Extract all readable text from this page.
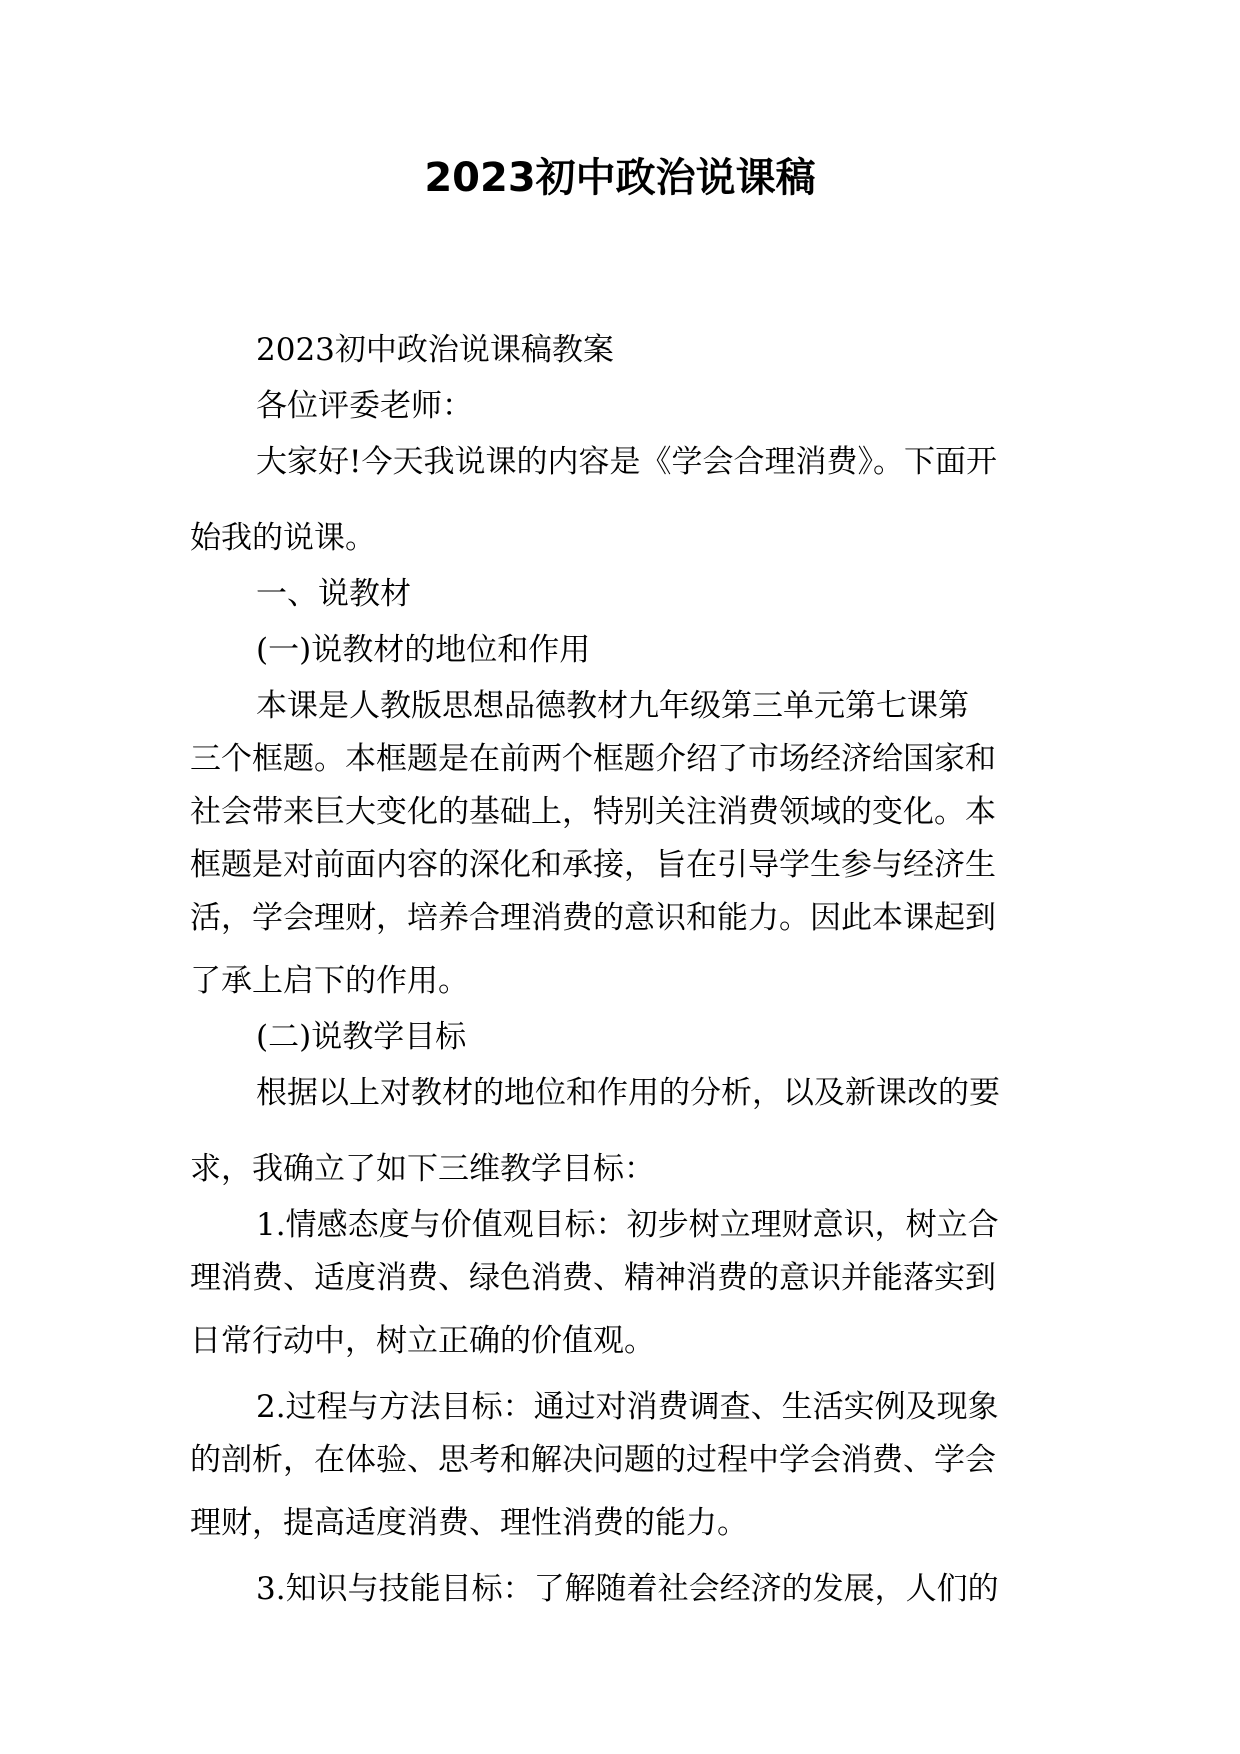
2023初中政治说课稿

2023初中政治说课稿教案

各位评委老师：

大家好!今天我说课的内容是《学会合理消费》。下面开

始我的说课。

一、说教材

(一)说教材的地位和作用

本课是人教版思想品德教材九年级第三单元第七课第

三个框题。本框题是在前两个框题介绍了市场经济给国家和

社会带来巨大变化的基础上，特别关注消费领域的变化。本

框题是对前面内容的深化和承接，旨在引导学生参与经济生

活，学会理财，培养合理消费的意识和能力。因此本课起到

了承上启下的作用。

(二)说教学目标

根据以上对教材的地位和作用的分析，以及新课改的要

求，我确立了如下三维教学目标：

1.情感态度与价值观目标：初步树立理财意识，树立合

理消费、适度消费、绿色消费、精神消费的意识并能落实到

日常行动中，树立正确的价值观。

2.过程与方法目标：通过对消费调查、生活实例及现象

的剖析，在体验、思考和解决问题的过程中学会消费、学会

理财，提高适度消费、理性消费的能力。

3.知识与技能目标：了解随着社会经济的发展，人们的
